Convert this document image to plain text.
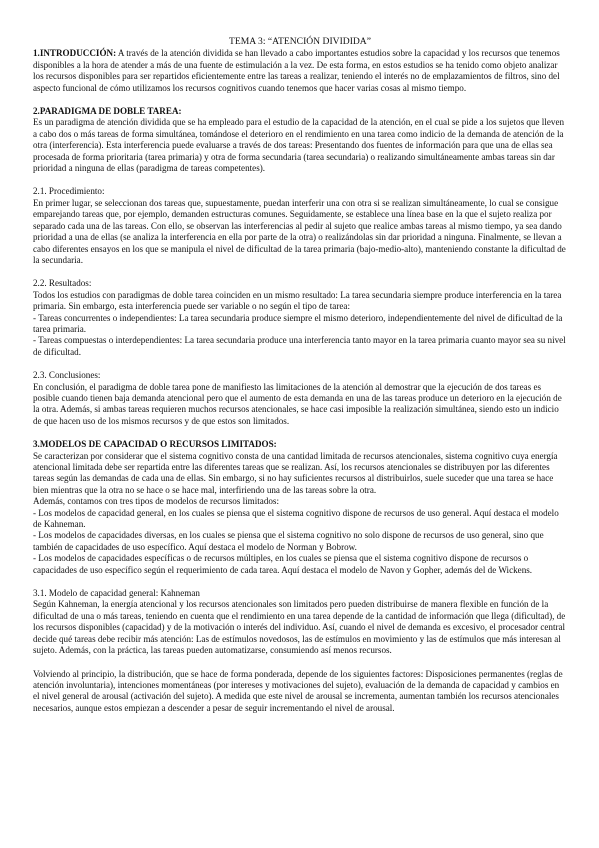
TEMA 3: “ATENCIÓN DIVIDIDA”

1.INTRODUCCIÓN: A través de la atención dividida se han llevado a cabo importantes estudios sobre la capacidad y los recursos que tenemos disponibles a la hora de atender a más de una fuente de estimulación a la vez. De esta forma, en estos estudios se ha tenido como objeto analizar los recursos disponibles para ser repartidos eficientemente entre las tareas a realizar, teniendo el interés no de emplazamientos de filtros, sino del aspecto funcional de cómo utilizamos los recursos cognitivos cuando tenemos que hacer varias cosas al mismo tiempo.

2.PARADIGMA DE DOBLE TAREA:
Es un paradigma de atención dividida que se ha empleado para el estudio de la capacidad de la atención, en el cual se pide a los sujetos que lleven a cabo dos o más tareas de forma simultánea, tomándose el deterioro en el rendimiento en una tarea como indicio de la demanda de atención de la otra (interferencia). Esta interferencia puede evaluarse a través de dos tareas: Presentando dos fuentes de información para que una de ellas sea procesada de forma prioritaria (tarea primaria) y otra de forma secundaria (tarea secundaria) o realizando simultáneamente ambas tareas sin dar prioridad a ninguna de ellas (paradigma de tareas competentes).

2.1. Procedimiento:

En primer lugar, se seleccionan dos tareas que, supuestamente, puedan interferir una con otra si se realizan simultáneamente, lo cual se consigue emparejando tareas que, por ejemplo, demanden estructuras comunes. Seguidamente, se establece una línea base en la que el sujeto realiza por separado cada una de las tareas. Con ello, se observan las interferencias al pedir al sujeto que realice ambas tareas al mismo tiempo, ya sea dando prioridad a una de ellas (se analiza la interferencia en ella por parte de la otra) o realizándolas sin dar prioridad a ninguna. Finalmente, se llevan a cabo diferentes ensayos en los que se manipula el nivel de dificultad de la tarea primaria (bajo-medio-alto), manteniendo constante la dificultad de la secundaria.

2.2. Resultados:

Todos los estudios con paradigmas de doble tarea coinciden en un mismo resultado: La tarea secundaria siempre produce interferencia en la tarea primaria. Sin embargo, esta interferencia puede ser variable o no según el tipo de tarea:

- Tareas concurrentes o independientes: La tarea secundaria produce siempre el mismo deterioro, independientemente del nivel de dificultad de la tarea primaria.

- Tareas compuestas o interdependientes: La tarea secundaria produce una interferencia tanto mayor en la tarea primaria cuanto mayor sea su nivel de dificultad.

2.3. Conclusiones:

En conclusión, el paradigma de doble tarea pone de manifiesto las limitaciones de la atención al demostrar que la ejecución de dos tareas es posible cuando tienen baja demanda atencional pero que el aumento de esta demanda en una de las tareas produce un deterioro en la ejecución de la otra. Además, si ambas tareas requieren muchos recursos atencionales, se hace casi imposible la realización simultánea, siendo esto un indicio de que hacen uso de los mismos recursos y de que estos son limitados.

3.MODELOS DE CAPACIDAD O RECURSOS LIMITADOS:
Se caracterizan por considerar que el sistema cognitivo consta de una cantidad limitada de recursos atencionales, sistema cognitivo cuya energía atencional limitada debe ser repartida entre las diferentes tareas que se realizan. Así, los recursos atencionales se distribuyen por las diferentes tareas según las demandas de cada una de ellas. Sin embargo, si no hay suficientes recursos al distribuirlos, suele suceder que una tarea se hace bien mientras que la otra no se hace o se hace mal, interfiriendo una de las tareas sobre la otra.

Además, contamos con tres tipos de modelos de recursos limitados:

- Los modelos de capacidad general, en los cuales se piensa que el sistema cognitivo dispone de recursos de uso general. Aquí destaca el modelo de Kahneman.

- Los modelos de capacidades diversas, en los cuales se piensa que el sistema cognitivo no solo dispone de recursos de uso general, sino que también de capacidades de uso específico. Aquí destaca el modelo de Norman y Bobrow.

- Los modelos de capacidades específicas o de recursos múltiples, en los cuales se piensa que el sistema cognitivo dispone de recursos o capacidades de uso específico según el requerimiento de cada tarea. Aquí destaca el modelo de Navon y Gopher, además del de Wickens.

3.1. Modelo de capacidad general: Kahneman

Según Kahneman, la energía atencional y los recursos atencionales son limitados pero pueden distribuirse de manera flexible en función de la dificultad de una o más tareas, teniendo en cuenta que el rendimiento en una tarea depende de la cantidad de información que llega (dificultad), de los recursos disponibles (capacidad) y de la motivación o interés del individuo. Así, cuando el nivel de demanda es excesivo, el procesador central decide qué tareas debe recibir más atención: Las de estímulos novedosos, las de estímulos en movimiento y las de estímulos que más interesan al sujeto. Además, con la práctica, las tareas pueden automatizarse, consumiendo así menos recursos.

Volviendo al principio, la distribución, que se hace de forma ponderada, depende de los siguientes factores: Disposiciones permanentes (reglas de atención involuntaria), intenciones momentáneas (por intereses y motivaciones del sujeto), evaluación de la demanda de capacidad y cambios en el nivel general de arousal (activación del sujeto). A medida que este nivel de arousal se incrementa, aumentan también los recursos atencionales necesarios, aunque estos empiezan a descender a pesar de seguir incrementando el nivel de arousal.
